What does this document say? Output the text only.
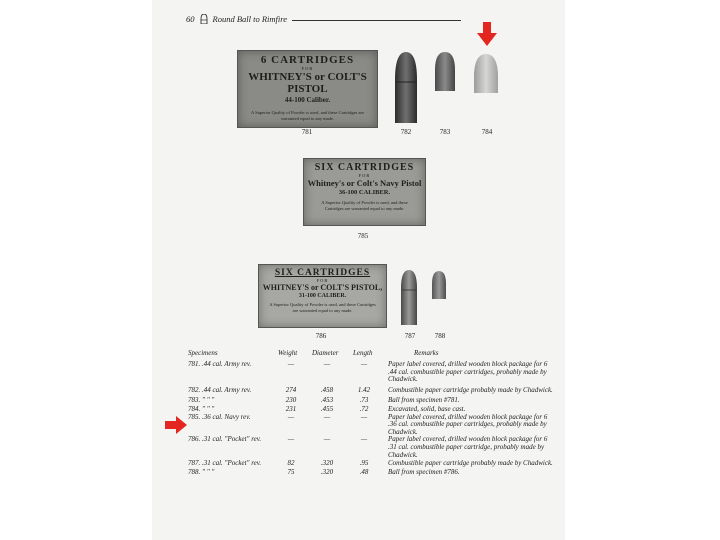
60 Round Ball to Rimfire
6 CARTRIDGES
FOR
WHITNEY'S or COLT'S PISTOL
44-100 Caliber.
A Superior Quality of Powder is used, and these Cartridges are warranted equal to any made.
781	782	783	784
SIX CARTRIDGES
FOR
Whitney's or Colt's Navy Pistol
36-100 CALIBER.
A Superior Quality of Powder is used, and these Cartridges are warranted equal to any made.
785
SIX CARTRIDGES
FOR
WHITNEY'S or COLT'S PISTOL,
31-100 CALIBER.
A Superior Quality of Powder is used, and these Cartridges are warranted equal to any made.
786	787	788
Specimens	Weight Diameter Length	Remarks
781. .44 cal. Army rev.	—	—	—	Paper label covered, drilled wooden block package for 6 .44 cal. combustible paper cartridges, probably made by Chadwick.
782. .44 cal. Army rev.	274	.458	1.42	Combustible paper cartridge probably made by Chadwick.
783. " " "	230	.453	.73	Ball from specimen #781.
784. " " "	231	.455	.72	Excavated, solid, base cast.
785. .36 cal. Navy rev.	—	—	—	Paper label covered, drilled wooden block package for 6 .36 cal. combustible paper cartridges, probably made by Chadwick.
786. .31 cal. "Pocket" rev.	—	—	—	Paper label covered, drilled wooden block package for 6 .31 cal. combustible paper cartridge, probably made by Chadwick.
787. .31 cal. "Pocket" rev.	82	.320	.95	Combustible paper cartridge probably made by Chadwick.
788. " " "	75	.320	.48	Ball from specimen #786.
